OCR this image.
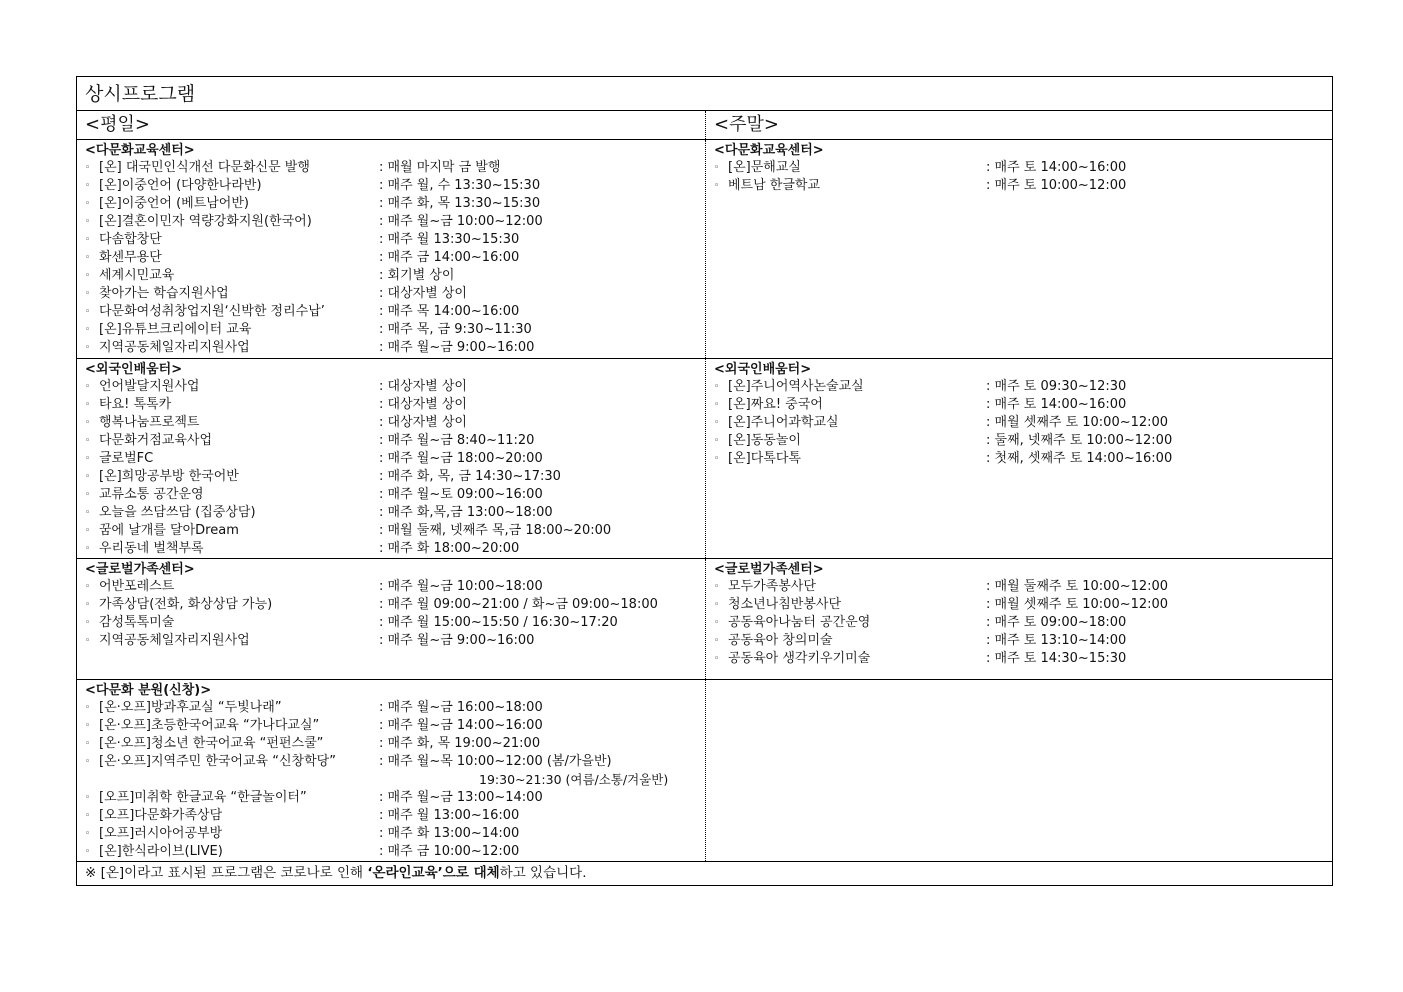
상시프로그램
<평일>	<주말>
<다문화교육센터>
◦ [온] 대국민인식개선 다문화신문 발행	: 매월 마지막 금 발행
◦ [온]이중언어 (다양한나라반)	: 매주 월, 수 13:30~15:30
◦ [온]이중언어 (베트남어반)	: 매주 화, 목 13:30~15:30
◦ [온]결혼이민자 역량강화지원(한국어)	: 매주 월~금 10:00~12:00
◦ 다솜합창단	: 매주 월 13:30~15:30
◦ 화센무용단	: 매주 금 14:00~16:00
◦ 세계시민교육	: 회기별 상이
◦ 찾아가는 학습지원사업	: 대상자별 상이
◦ 다문화여성취창업지원‘신박한 정리수납’	: 매주 목 14:00~16:00
◦ [온]유튜브크리에이터 교육	: 매주 목, 금 9:30~11:30
◦ 지역공동체일자리지원사업	: 매주 월~금 9:00~16:00
<다문화교육센터>
◦ [온]문해교실	: 매주 토 14:00~16:00
◦ 베트남 한글학교	: 매주 토 10:00~12:00
<외국인배움터>
◦ 언어발달지원사업	: 대상자별 상이
◦ 타요! 톡톡카	: 대상자별 상이
◦ 행복나눔프로젝트	: 대상자별 상이
◦ 다문화거점교육사업	: 매주 월~금 8:40~11:20
◦ 글로벌FC	: 매주 월~금 18:00~20:00
◦ [온]희망공부방 한국어반	: 매주 화, 목, 금 14:30~17:30
◦ 교류소통 공간운영	: 매주 월~토 09:00~16:00
◦ 오늘을 쓰담쓰담 (집중상담)	: 매주 화,목,금 13:00~18:00
◦ 꿈에 날개를 달아Dream	: 매월 둘째, 넷째주 목,금 18:00~20:00
◦ 우리동네 벌책부록	: 매주 화 18:00~20:00
<외국인배움터>
◦ [온]주니어역사논술교실	: 매주 토 09:30~12:30
◦ [온]짜요! 중국어	: 매주 토 14:00~16:00
◦ [온]주니어과학교실	: 매월 셋째주 토 10:00~12:00
◦ [온]동동놀이	: 둘째, 넷째주 토 10:00~12:00
◦ [온]다톡다톡	: 첫째, 셋째주 토 14:00~16:00
<글로벌가족센터>
◦ 어반포레스트	: 매주 월~금 10:00~18:00
◦ 가족상담(전화, 화상상담 가능)	: 매주 월 09:00~21:00 / 화~금 09:00~18:00
◦ 감성톡톡미술	: 매주 월 15:00~15:50 / 16:30~17:20
◦ 지역공동체일자리지원사업	: 매주 월~금 9:00~16:00
<글로벌가족센터>
◦ 모두가족봉사단	: 매월 둘째주 토 10:00~12:00
◦ 청소년나침반봉사단	: 매월 셋째주 토 10:00~12:00
◦ 공동육아나눔터 공간운영	: 매주 토 09:00~18:00
◦ 공동육아 창의미술	: 매주 토 13:10~14:00
◦ 공동육아 생각키우기미술	: 매주 토 14:30~15:30
<다문화 분원(신창)>
◦ [온·오프]방과후교실 “두빛나래”	: 매주 월~금 16:00~18:00
◦ [온·오프]초등한국어교육 “가나다교실”	: 매주 월~금 14:00~16:00
◦ [온·오프]청소년 한국어교육 “펀펀스쿨”	: 매주 화, 목 19:00~21:00
◦ [온·오프]지역주민 한국어교육 “신창학당”	: 매주 월~목 10:00~12:00 (봄/가을반)
19:30~21:30 (여름/소통/겨울반)
◦ [오프]미취학 한글교육 “한글놀이터”	: 매주 월~금 13:00~14:00
◦ [오프]다문화가족상담	: 매주 월 13:00~16:00
◦ [오프]러시아어공부방	: 매주 화 13:00~14:00
◦ [온]한식라이브(LIVE)	: 매주 금 10:00~12:00
※ [온]이라고 표시된 프로그램은 코로나로 인해 ‘온라인교육’으로 대체하고 있습니다.
